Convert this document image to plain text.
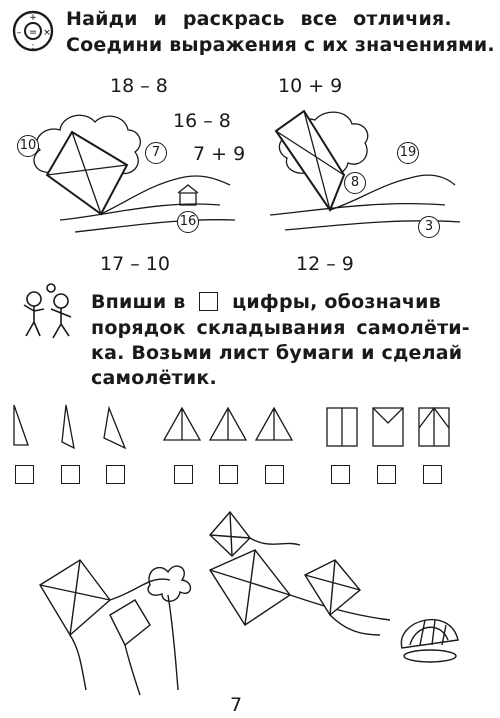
=
+
:
– ×
Найди и раскрась все отличия.
Соедини выражения с их значениями.
18 – 8	10 + 9
16 – 8
7 + 9
17 – 10	12 – 9
10	7
16
8
19
3
Впиши в цифры, обозначив
порядок складывания самолёти-
ка. Возьми лист бумаги и сделай
самолётик.
7
